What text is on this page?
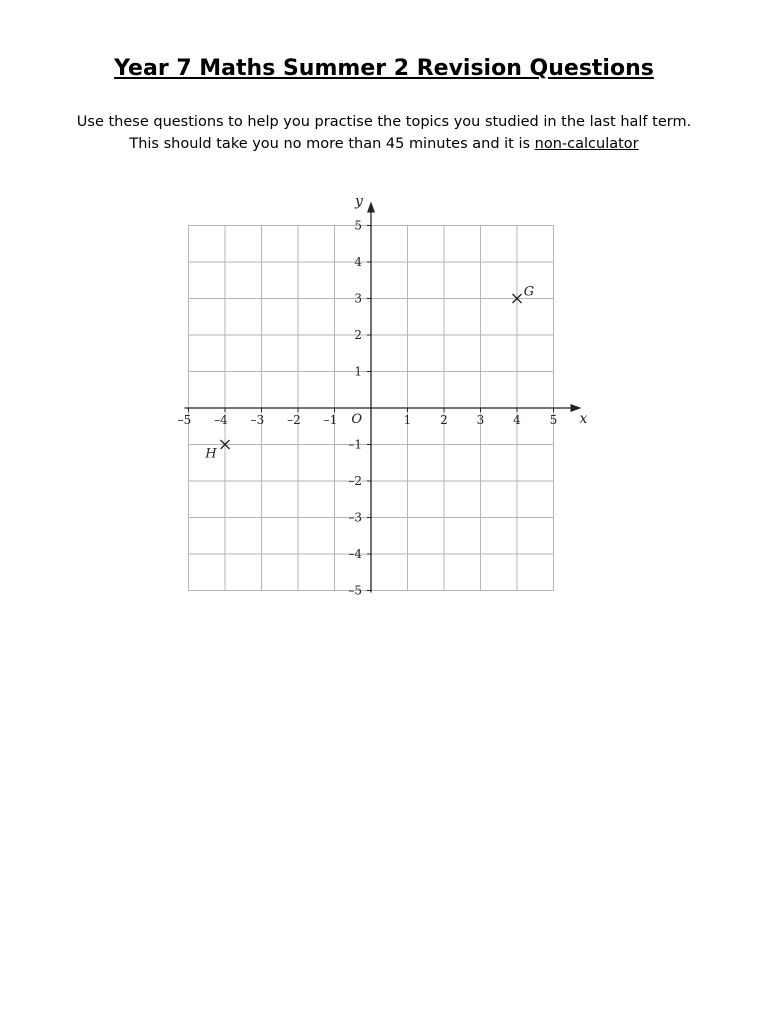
Year 7 Maths Summer 2 Revision Questions
Use these questions to help you practise the topics you studied in the last half term.
This should take you no more than 45 minutes and it is non-calculator
–5 –4 –3 –2 –1	1 2 3 4 5
5
4
3
2
1
–1
–2
–3
–4
–5
x
y
O
G
H
